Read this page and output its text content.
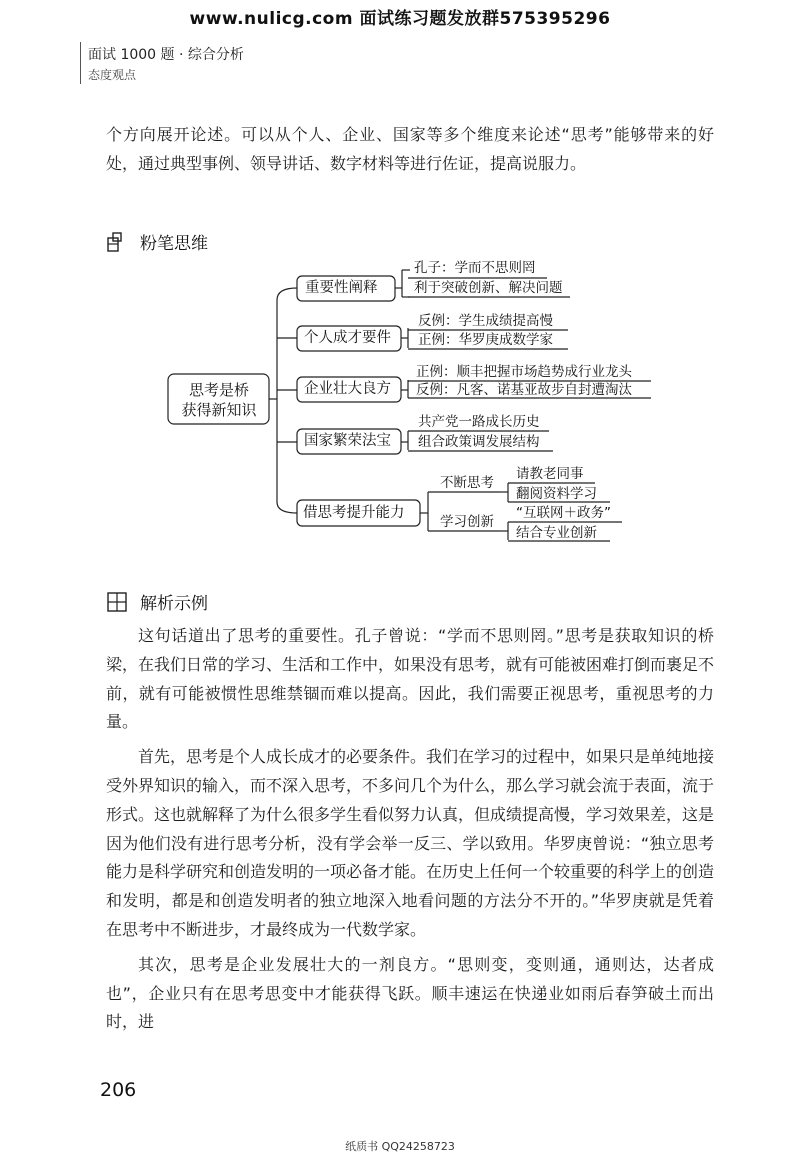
www.nulicg.com 面试练习题发放群575395296
面试 1000 题 · 综合分析
态度观点

个方向展开论述。可以从个人、企业、国家等多个维度来论述“思考”能够带来的好处，通过典型事例、领导讲话、数字材料等进行佐证，提高说服力。

粉笔思维
思考是桥
获得新知识
重要性阐释
孔子：学而不思则罔
利于突破创新、解决问题
个人成才要件
反例：学生成绩提高慢
正例：华罗庚成数学家
企业壮大良方
正例：顺丰把握市场趋势成行业龙头
反例：凡客、诺基亚故步自封遭淘汰
国家繁荣法宝
共产党一路成长历史
组合政策调发展结构
借思考提升能力
不断思考
学习创新
请教老同事
翻阅资料学习
“互联网＋政务”
结合专业创新
解析示例

这句话道出了思考的重要性。孔子曾说：“学而不思则罔。”思考是获取知识的桥梁，在我们日常的学习、生活和工作中，如果没有思考，就有可能被困难打倒而裹足不前，就有可能被惯性思维禁锢而难以提高。因此，我们需要正视思考，重视思考的力量。

首先，思考是个人成长成才的必要条件。我们在学习的过程中，如果只是单纯地接受外界知识的输入，而不深入思考，不多问几个为什么，那么学习就会流于表面，流于形式。这也就解释了为什么很多学生看似努力认真，但成绩提高慢，学习效果差，这是因为他们没有进行思考分析，没有学会举一反三、学以致用。华罗庚曾说：“独立思考能力是科学研究和创造发明的一项必备才能。在历史上任何一个较重要的科学上的创造和发明，都是和创造发明者的独立地深入地看问题的方法分不开的。”华罗庚就是凭着在思考中不断进步，才最终成为一代数学家。

其次，思考是企业发展壮大的一剂良方。“思则变，变则通，通则达，达者成也”，企业只有在思考思变中才能获得飞跃。顺丰速运在快递业如雨后春笋破土而出时，进

206
纸质书 QQ24258723
